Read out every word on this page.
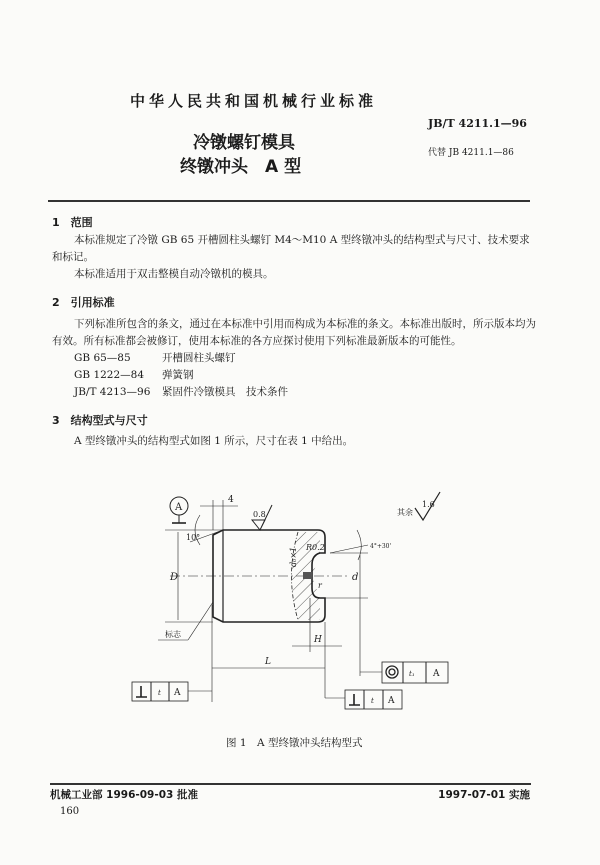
中华人民共和国机械行业标准
JB/T 4211.1—96
冷镦螺钉模具
终镦冲头　A 型
代替 JB 4211.1—86
1　范围
本标准规定了冷镦 GB 65 开槽圆柱头螺钉 M4～M10 A 型终镦冲头的结构型式与尺寸、技术要求和标记。
本标准适用于双击整模自动冷镦机的模具。
2　引用标准
下列标准所包含的条文，通过在本标准中引用而构成为本标准的条文。本标准出版时，所示版本均为有效。所有标准都会被修订，使用本标准的各方应探讨使用下列标准最新版本的可能性。
GB 65—85	开槽圆柱头螺钉
GB 1222—84	弹簧钢
JB/T 4213—96	紧固件冷镦模具　技术条件
3　结构型式与尺寸
A 型终镦冲头的结构型式如图 1 所示，尺寸在表 1 中给出。
A
D
4
10°
0.8	其余
1.6
R0.2	4°+30'
d
d₀×1
r
H
L
标志
t A
t A
t₁ A
图 1　A 型终镦冲头结构型式
机械工业部 1996-09-03 批准	1997-07-01 实施
160
